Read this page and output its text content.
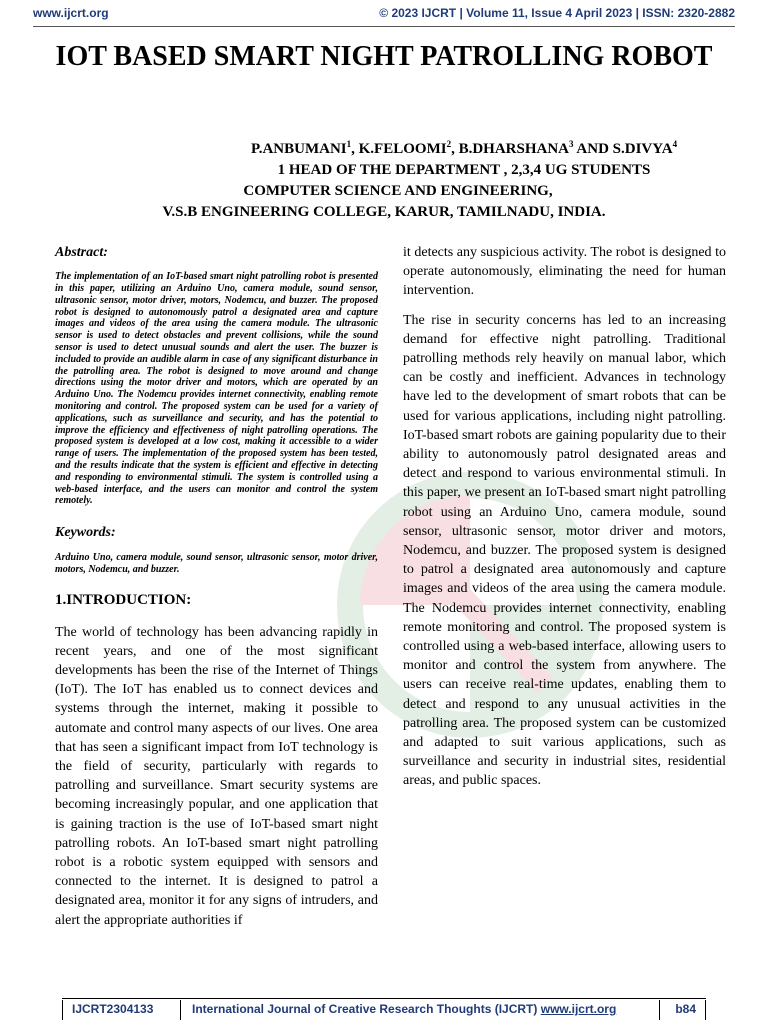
www.ijcrt.org	© 2023 IJCRT | Volume 11, Issue 4 April 2023 | ISSN: 2320-2882
IOT BASED SMART NIGHT PATROLLING ROBOT
P.ANBUMANI$^1$, K.FELOOMI$^2$, B.DHARSHANA$^3$ AND S.DIVYA$^4$
1 HEAD OF THE DEPARTMENT , 2,3,4 UG STUDENTS
COMPUTER SCIENCE AND ENGINEERING,
V.S.B ENGINEERING COLLEGE, KARUR, TAMILNADU, INDIA.
Abstract:
The implementation of an IoT-based smart night patrolling robot is presented in this paper, utilizing an Arduino Uno, camera module, sound sensor, ultrasonic sensor, motor driver, motors, Nodemcu, and buzzer. The proposed robot is designed to autonomously patrol a designated area and capture images and videos of the area using the camera module. The ultrasonic sensor is used to detect obstacles and prevent collisions, while the sound sensor is used to detect unusual sounds and alert the user. The buzzer is included to provide an audible alarm in case of any significant disturbance in the patrolling area. The robot is designed to move around and change directions using the motor driver and motors, which are operated by an Arduino Uno. The Nodemcu provides internet connectivity, enabling remote monitoring and control. The proposed system can be used for a variety of applications, such as surveillance and security, and has the potential to improve the efficiency and effectiveness of night patrolling operations. The proposed system is developed at a low cost, making it accessible to a wider range of users. The implementation of the proposed system has been tested, and the results indicate that the system is efficient and effective in detecting and responding to environmental stimuli. The system is controlled using a web-based interface, and the users can monitor and control the system remotely.
Keywords:
Arduino Uno, camera module, sound sensor, ultrasonic sensor, motor driver, motors, Nodemcu, and buzzer.
1.INTRODUCTION:

The world of technology has been advancing rapidly in recent years, and one of the most significant developments has been the rise of the Internet of Things (IoT). The IoT has enabled us to connect devices and systems through the internet, making it possible to automate and control many aspects of our lives. One area that has seen a significant impact from IoT technology is the field of security, particularly with regards to patrolling and surveillance. Smart security systems are becoming increasingly popular, and one application that is gaining traction is the use of IoT-based smart night patrolling robots. An IoT-based smart night patrolling robot is a robotic system equipped with sensors and connected to the internet. It is designed to patrol a designated area, monitor it for any signs of intruders, and alert the appropriate authorities if

it detects any suspicious activity. The robot is designed to operate autonomously, eliminating the need for human intervention.

The rise in security concerns has led to an increasing demand for effective night patrolling. Traditional patrolling methods rely heavily on manual labor, which can be costly and inefficient. Advances in technology have led to the development of smart robots that can be used for various applications, including night patrolling. IoT-based smart robots are gaining popularity due to their ability to autonomously patrol designated areas and detect and respond to various environmental stimuli. In this paper, we present an IoT-based smart night patrolling robot using an Arduino Uno, camera module, sound sensor, ultrasonic sensor, motor driver and motors, Nodemcu, and buzzer. The proposed system is designed to patrol a designated area autonomously and capture images and videos of the area using the camera module. The Nodemcu provides internet connectivity, enabling remote monitoring and control. The proposed system is controlled using a web-based interface, allowing users to monitor and control the system from anywhere. The users can receive real-time updates, enabling them to detect and respond to any unusual activities in the patrolling area. The proposed system can be customized and adapted to suit various applications, such as surveillance and security in industrial sites, residential areas, and public spaces.

IJCRT2304133	International Journal of Creative Research Thoughts (IJCRT) www.ijcrt.org	b84
